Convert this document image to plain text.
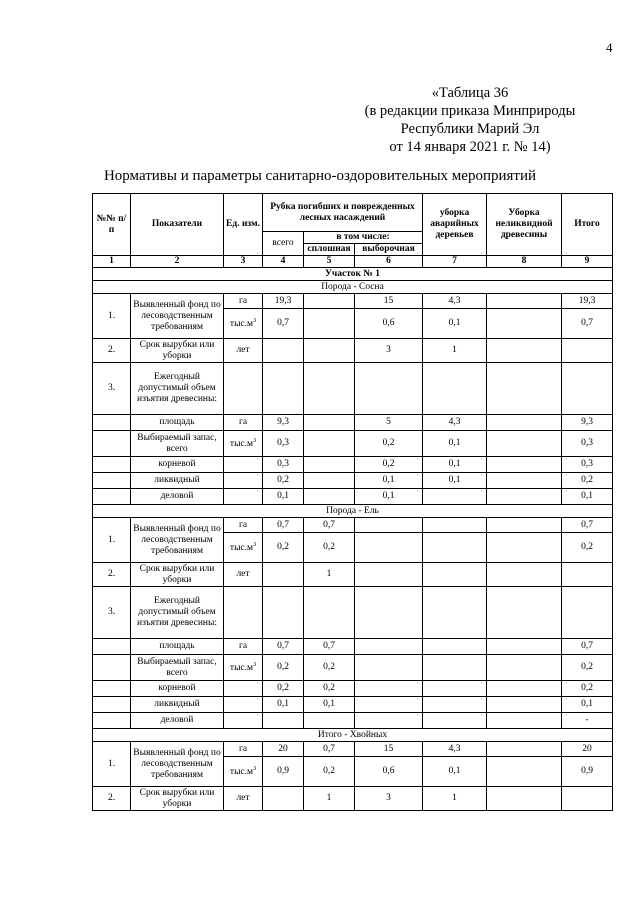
4
«Таблица 36
(в редакции приказа Минприроды
Республики Марий Эл
от 14 января 2021 г. № 14)
Нормативы и параметры санитарно-оздоровительных мероприятий
№№ п/п	Показатели	Ед. изм.	Рубка погибших и поврежденных лесных насаждений			уборка аварийных деревьев	Уборка неликвидной древесины	Итого
			всего	в том числе:				
				сплошная	выборочная			
1	2	3	4	5	6	7	8	9
Участок № 1								
Порода - Сосна								
1.	Выявленный фонд по лесоводственным требованиям	га	19,3		15	4,3		19,3
		$тыс.м^3$	0,7		0,6	0,1		0,7
2.	Срок вырубки или уборки	лет			3	1		
3.	Ежегодный допустимый объем изъятия древесины:							
	площадь	га	9,3		5	4,3		9,3
	Выбираемый запас, всего	$тыс.м^3$	0,3		0,2	0,1		0,3
	корневой		0,3		0,2	0,1		0,3
	ликвидный		0,2		0,1	0,1		0,2
	деловой		0,1		0,1			0,1
Порода - Ель								
1.	Выявленный фонд по лесоводственным требованиям	га	0,7	0,7				0,7
		$тыс.м^3$	0,2	0,2				0,2
2.	Срок вырубки или уборки	лет		1				
3.	Ежегодный допустимый объем изъятия древесины:							
	площадь	га	0,7	0,7				0,7
	Выбираемый запас, всего	$тыс.м^3$	0,2	0,2				0,2
	корневой		0,2	0,2				0,2
	ликвидный		0,1	0,1				0,1
	деловой							-
Итого - Хвойных								
1.	Выявленный фонд по лесоводственным требованиям	га	20	0,7	15	4,3		20
		$тыс.м^3$	0,9	0,2	0,6	0,1		0,9
2.	Срок вырубки или уборки	лет		1	3	1		
